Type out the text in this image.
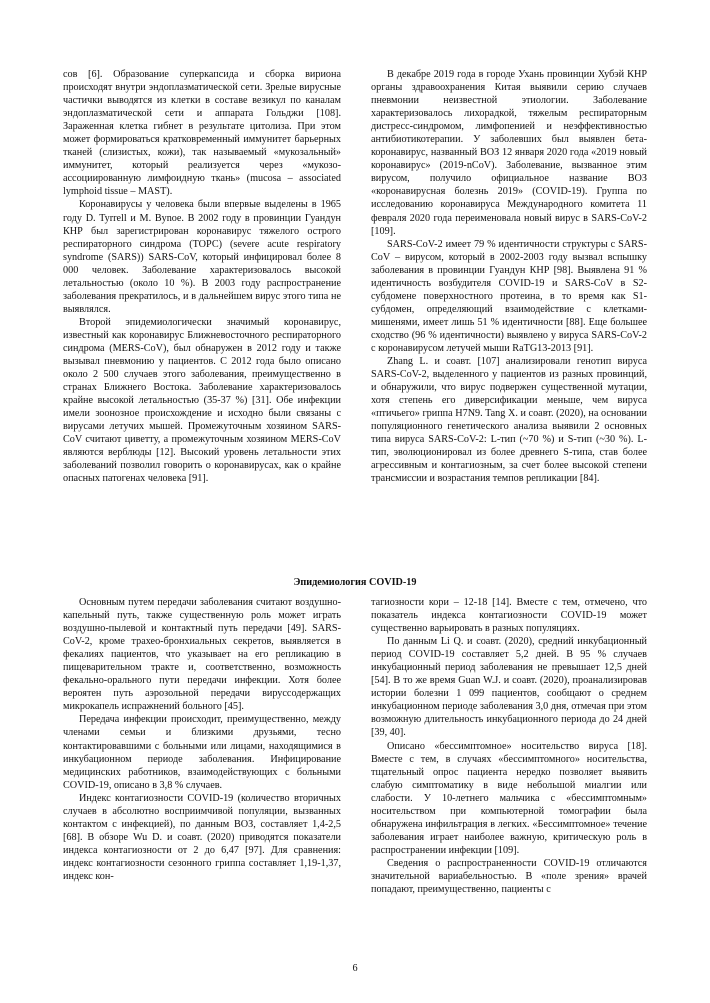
сов [6]. Образование суперкапсида и сборка вириона происходят внутри эндоплазматической сети. Зрелые вирусные частички выводятся из клетки в составе везикул по каналам эндоплазматической сети и аппарата Гольджи [108]. Зараженная клетка гибнет в результате цитолиза. При этом может формироваться кратковременный иммунитет барьерных тканей (слизистых, кожи), так называемый «мукозальный» иммунитет, который реализуется через «мукозо-ассоциированную лимфоидную ткань» (mucosa – associated lymphoid tissue – MAST).

Коронавирусы у человека были впервые выделены в 1965 году D. Tyrrell и M. Bynoe. В 2002 году в провинции Гуандун КНР был зарегистрирован коронавирус тяжелого острого респираторного синдрома (ТОРС) (severe acute respiratory syndrome (SARS)) SARS-CoV, который инфицировал более 8 000 человек. Заболевание характеризовалось высокой летальностью (около 10 %). В 2003 году распространение заболевания прекратилось, и в дальнейшем вирус этого типа не выявлялся.

Второй эпидемиологически значимый коронавирус, известный как коронавирус Ближневосточного респираторного синдрома (MERS-CoV), был обнаружен в 2012 году и также вызывал пневмонию у пациентов. С 2012 года было описано около 2 500 случаев этого заболевания, преимущественно в странах Ближнего Востока. Заболевание характеризовалось крайне высокой летальностью (35-37 %) [31]. Обе инфекции имели зоонозное происхождение и исходно были связаны с вирусами летучих мышей. Промежуточным хозяином SARS-CoV считают циветту, а промежуточным хозяином MERS-CoV являются верблюды [12]. Высокий уровень летальности этих заболеваний позволил говорить о коронавирусах, как о крайне опасных патогенах человека [91].

В декабре 2019 года в городе Ухань провинции Хубэй КНР органы здравоохранения Китая выявили серию случаев пневмонии неизвестной этиологии. Заболевание характеризовалось лихорадкой, тяжелым респираторным дистресс-синдромом, лимфопенией и неэффективностью антибиотикотерапии. У заболевших был выявлен бета-коронавирус, названный ВОЗ 12 января 2020 года «2019 новый коронавирус» (2019-nCoV). Заболевание, вызванное этим вирусом, получило официальное название ВОЗ «коронавирусная болезнь 2019» (COVID-19). Группа по исследованию коронавируса Международного комитета 11 февраля 2020 года переименовала новый вирус в SARS-CoV-2 [109].

SARS-CoV-2 имеет 79 % идентичности структуры с SARS-CoV – вирусом, который в 2002-2003 году вызвал вспышку заболевания в провинции Гуандун КНР [98]. Выявлена 91 % идентичность возбудителя COVID-19 и SARS-CoV в S2-субдомене поверхностного протеина, в то время как S1-субдомен, определяющий взаимодействие с клетками-мишенями, имеет лишь 51 % идентичности [88]. Еще большее сходство (96 % идентичности) выявлено у вируса SARS-CoV-2 с коронавирусом летучей мыши RaTG13-2013 [91].

Zhang L. и соавт. [107] анализировали генотип вируса SARS-CoV-2, выделенного у пациентов из разных провинций, и обнаружили, что вирус подвержен существенной мутации, хотя степень его диверсификации меньше, чем вируса «птичьего» гриппа H7N9. Tang X. и соавт. (2020), на основании популяционного генетического анализа выявили 2 основных типа вируса SARS-CoV-2: L-тип (~70 %) и S-тип (~30 %). L-тип, эволюционировал из более древнего S-типа, став более агрессивным и контагиозным, за счет более высокой степени трансмиссии и возрастания темпов репликации [84].

Эпидемиология COVID-19

Основным путем передачи заболевания считают воздушно-капельный путь, также существенную роль может играть воздушно-пылевой и контактный путь передачи [49]. SARS-CoV-2, кроме трахео-бронхиальных секретов, выявляется в фекалиях пациентов, что указывает на его репликацию в пищеварительном тракте и, соответственно, возможность фекально-орального пути передачи инфекции. Хотя более вероятен путь аэрозольной передачи вируссодержащих микрокапель испражнений больного [45].

Передача инфекции происходит, преимущественно, между членами семьи и близкими друзьями, тесно контактировавшими с больными или лицами, находящимися в инкубационном периоде заболевания. Инфицирование медицинских работников, взаимодействующих с больными COVID-19, описано в 3,8 % случаев.

Индекс контагиозности COVID-19 (количество вторичных случаев в абсолютно восприимчивой популяции, вызванных контактом с инфекцией), по данным ВОЗ, составляет 1,4-2,5 [68]. В обзоре Wu D. и соавт. (2020) приводятся показатели индекса контагиозности от 2 до 6,47 [97]. Для сравнения: индекс контагиозности сезонного гриппа составляет 1,19-1,37, индекс кон-

тагиозности кори – 12-18 [14]. Вместе с тем, отмечено, что показатель индекса контагиозности COVID-19 может существенно варьировать в разных популяциях.

По данным Li Q. и соавт. (2020), средний инкубационный период COVID-19 составляет 5,2 дней. В 95 % случаев инкубационный период заболевания не превышает 12,5 дней [54]. В то же время Guan W.J. и соавт. (2020), проанализировав истории болезни 1 099 пациентов, сообщают о среднем инкубационном периоде заболевания 3,0 дня, отмечая при этом возможную длительность инкубационного периода до 24 дней [39, 40].

Описано «бессимптомное» носительство вируса [18]. Вместе с тем, в случаях «бессимптомного» носительства, тщательный опрос пациента нередко позволяет выявить слабую симптоматику в виде небольшой миалгии или слабости. У 10-летнего мальчика с «бессимптомным» носительством при компьютерной томографии была обнаружена инфильтрация в легких. «Бессимптомное» течение заболевания играет наиболее важную, критическую роль в распространении инфекции [109].

Сведения о распространенности COVID-19 отличаются значительной вариабельностью. В «поле зрения» врачей попадают, преимущественно, пациенты с

6
